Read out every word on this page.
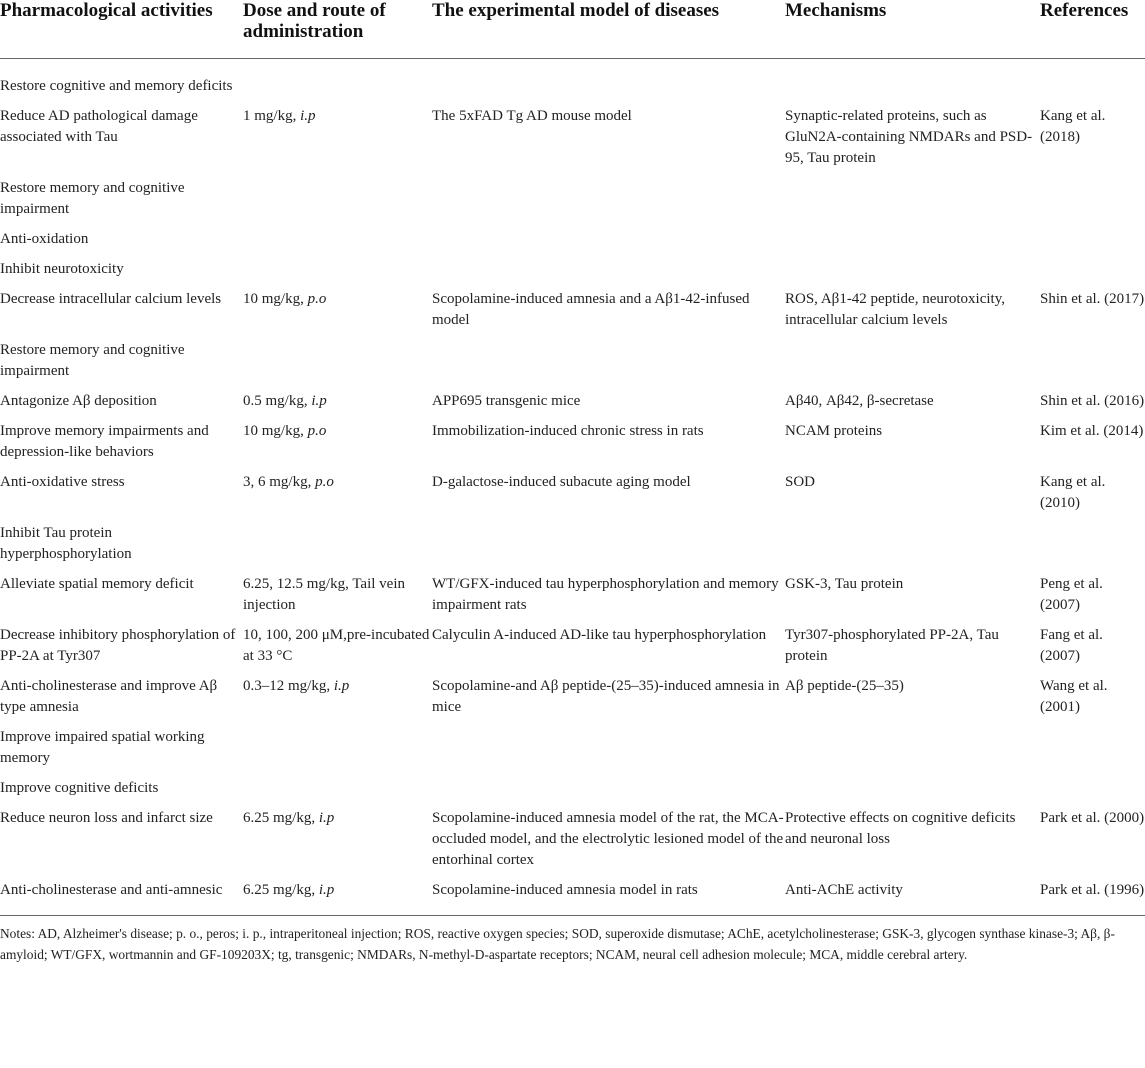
Pharmacological activities	Dose and route of administration	The experimental model of diseases	Mechanisms	References
Restore cognitive and memory deficits				
Reduce AD pathological damage associated with Tau	1 mg/kg, i.p	The 5xFAD Tg AD mouse model	Synaptic-related proteins, such as GluN2A-containing NMDARs and PSD-95, Tau protein	Kang et al. (2018)
Restore memory and cognitive impairment				
Anti-oxidation				
Inhibit neurotoxicity				
Decrease intracellular calcium levels	10 mg/kg, p.o	Scopolamine-induced amnesia and a Aβ1-42-infused model	ROS, Aβ1-42 peptide, neurotoxicity, intracellular calcium levels	Shin et al. (2017)
Restore memory and cognitive impairment				
Antagonize Aβ deposition	0.5 mg/kg, i.p	APP695 transgenic mice	Aβ40, Aβ42, β-secretase	Shin et al. (2016)
Improve memory impairments and depression-like behaviors	10 mg/kg, p.o	Immobilization-induced chronic stress in rats	NCAM proteins	Kim et al. (2014)
Anti-oxidative stress	3, 6 mg/kg, p.o	D-galactose-induced subacute aging model	SOD	Kang et al. (2010)
Inhibit Tau protein hyperphosphorylation				
Alleviate spatial memory deficit	6.25, 12.5 mg/kg, Tail vein injection	WT/GFX-induced tau hyperphosphorylation and memory impairment rats	GSK-3, Tau protein	Peng et al. (2007)
Decrease inhibitory phosphorylation of PP-2A at Tyr307	10, 100, 200 μM,pre-incubated at 33 °C	Calyculin A-induced AD-like tau hyperphosphorylation	Tyr307-phosphorylated PP-2A, Tau protein	Fang et al. (2007)
Anti-cholinesterase and improve Aβ type amnesia	0.3–12 mg/kg, i.p	Scopolamine-and Aβ peptide-(25–35)-induced amnesia in mice	Aβ peptide-(25–35)	Wang et al. (2001)
Improve impaired spatial working memory				
Improve cognitive deficits				
Reduce neuron loss and infarct size	6.25 mg/kg, i.p	Scopolamine-induced amnesia model of the rat, the MCA-occluded model, and the electrolytic lesioned model of the entorhinal cortex	Protective effects on cognitive deficits and neuronal loss	Park et al. (2000)
Anti-cholinesterase and anti-amnesic	6.25 mg/kg, i.p	Scopolamine-induced amnesia model in rats	Anti-AChE activity	Park et al. (1996)
Notes: AD, Alzheimer's disease; p. o., peros; i. p., intraperitoneal injection; ROS, reactive oxygen species; SOD, superoxide dismutase; AChE, acetylcholinesterase; GSK-3, glycogen synthase kinase-3; Aβ, β-amyloid; WT/GFX, wortmannin and GF-109203X; tg, transgenic; NMDARs, N-methyl-D-aspartate receptors; NCAM, neural cell adhesion molecule; MCA, middle cerebral artery.
